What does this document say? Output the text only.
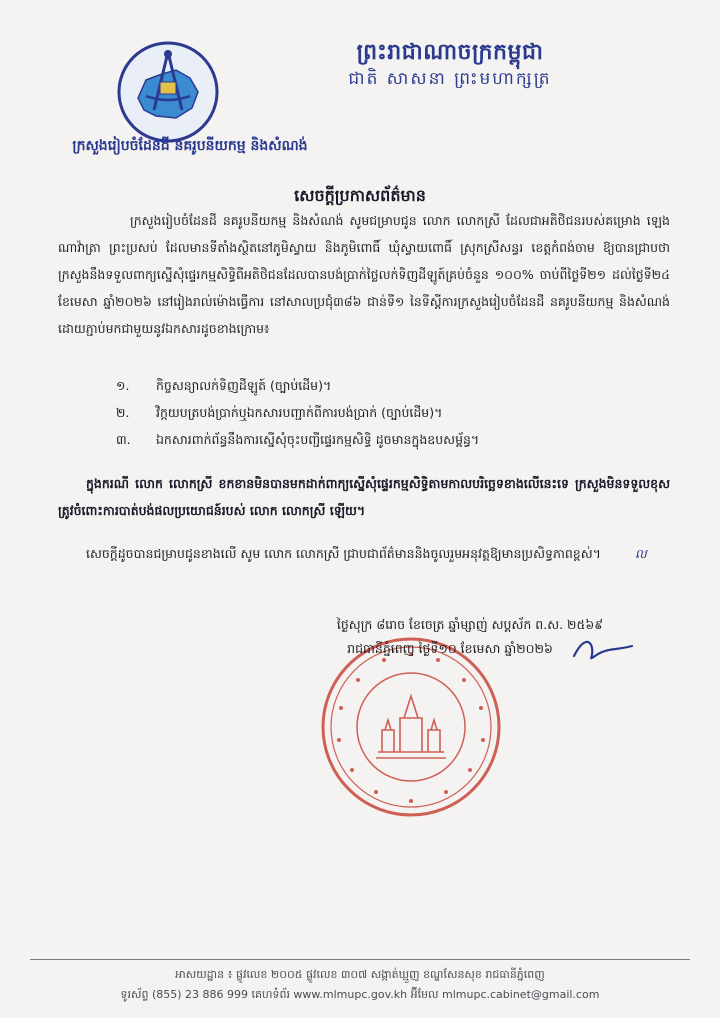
ព្រះរាជាណាចក្រកម្ពុជា
ជាតិ សាសនា ព្រះមហាក្សត្រ
ក្រសួងរៀបចំដែនដី នគរូបនីយកម្ម និងសំណង់
សេចក្តីប្រកាសព័ត៌មាន
ក្រសួងរៀបចំដែនដី នគរូបនីយកម្ម និងសំណង់ សូមជម្រាបជូន លោក លោកស្រី ដែលជាអតិថិជនរបស់គម្រោង ឡេង ណាវ៉ាត្រា ព្រះប្រសប់ ដែលមានទីតាំងស្ថិតនៅភូមិស្វាយ និងភូមិពោធិ៍ ឃុំស្វាយពោធិ៍ ស្រុកស្រីសន្ធរ ខេត្តកំពង់ចាម ឱ្យបានជ្រាបថា ក្រសួងនឹងទទួលពាក្យស្នើសុំផ្ទេរកម្មសិទ្ធិពីអតិថិជនដែលបានបង់ប្រាក់ថ្លៃលក់ទិញដីឡូត៍គ្រប់ចំនួន ១០០% ចាប់ពីថ្ងៃទី២១ ដល់ថ្ងៃទី២៤ ខែមេសា ឆ្នាំ២០២៦ នៅរៀងរាល់ម៉ោងធ្វើការ នៅសាលប្រជុំ៣៨៦ ជាន់ទី១ នៃទីស្តីការក្រសួងរៀបចំដែនដី នគរូបនីយកម្ម និងសំណង់ ដោយភ្ជាប់មកជាមួយនូវឯកសារដូចខាងក្រោម៖
១. កិច្ចសន្យាលក់ទិញដីឡូត៍ (ច្បាប់ដើម)។
២. វិក្កយបត្របង់ប្រាក់ឬឯកសារបញ្ជាក់ពីការបង់ប្រាក់ (ច្បាប់ដើម)។
៣. ឯកសារពាក់ព័ន្ធនឹងការស្នើសុំចុះបញ្ជីផ្ទេរកម្មសិទ្ធិ ដូចមានក្នុងឧបសម្ព័ន្ធ។
ក្នុងករណី លោក លោកស្រី ខកខានមិនបានមកដាក់ពាក្យស្នើសុំផ្ទេរកម្មសិទ្ធិតាមកាលបរិច្ឆេទខាងលើនេះទេ ក្រសួងមិនទទួលខុសត្រូវចំពោះការបាត់បង់ផលប្រយោជន៍របស់ លោក លោកស្រី ឡើយ។
សេចក្តីដូចបានជម្រាបជូនខាងលើ សូម លោក លោកស្រី ជ្រាបជាព័ត៌មាននិងចូលរួមអនុវត្តឱ្យមានប្រសិទ្ធភាពខ្ពស់។	ល
ថ្ងៃសុក្រ ៨រោច ខែចេត្រ ឆ្នាំម្សាញ់ សប្តស័ក ព.ស. ២៥៦៩
រាជធានីភ្នំពេញ ថ្ងៃទី១០ ខែមេសា ឆ្នាំ២០២៦
អាសយដ្ឋាន ៖ ផ្លូវលេខ ២០០៥ ផ្លូវលេខ ៣០៧ សង្កាត់ឃ្មួញ ខណ្ឌសែនសុខ រាជធានីភ្នំពេញ
ទូរស័ព្ទ (855) 23 886 999 គេហទំព័រ www.mlmupc.gov.kh អ៊ីមែល mlmupc.cabinet@gmail.com
